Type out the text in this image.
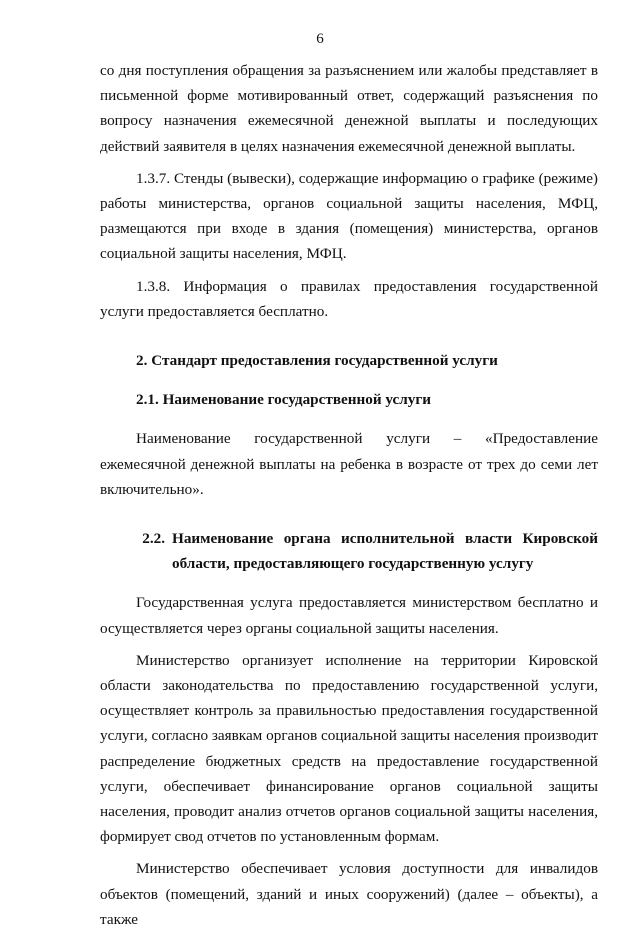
6

со дня поступления обращения за разъяснением или жалобы представляет в письменной форме мотивированный ответ, содержащий разъяснения по вопросу назначения ежемесячной денежной выплаты и последующих действий заявителя в целях назначения ежемесячной денежной выплаты.

1.3.7. Стенды (вывески), содержащие информацию о графике (режиме) работы министерства, органов социальной защиты населения, МФЦ, размещаются при входе в здания (помещения) министерства, органов социальной защиты населения, МФЦ.

1.3.8. Информация о правилах предоставления государственной услуги предоставляется бесплатно.

2. Стандарт предоставления государственной услуги

2.1. Наименование государственной услуги

Наименование государственной услуги – «Предоставление ежемесячной денежной выплаты на ребенка в возрасте от трех до семи лет включительно».

2.2. Наименование органа исполнительной власти Кировской области, предоставляющего государственную услугу

Государственная услуга предоставляется министерством бесплатно и осуществляется через органы социальной защиты населения.

Министерство организует исполнение на территории Кировской области законодательства по предоставлению государственной услуги, осуществляет контроль за правильностью предоставления государственной услуги, согласно заявкам органов социальной защиты населения производит распределение бюджетных средств на предоставление государственной услуги, обеспечивает финансирование органов социальной защиты населения, проводит анализ отчетов органов социальной защиты населения, формирует свод отчетов по установленным формам.

Министерство обеспечивает условия доступности для инвалидов объектов (помещений, зданий и иных сооружений) (далее – объекты), а также
